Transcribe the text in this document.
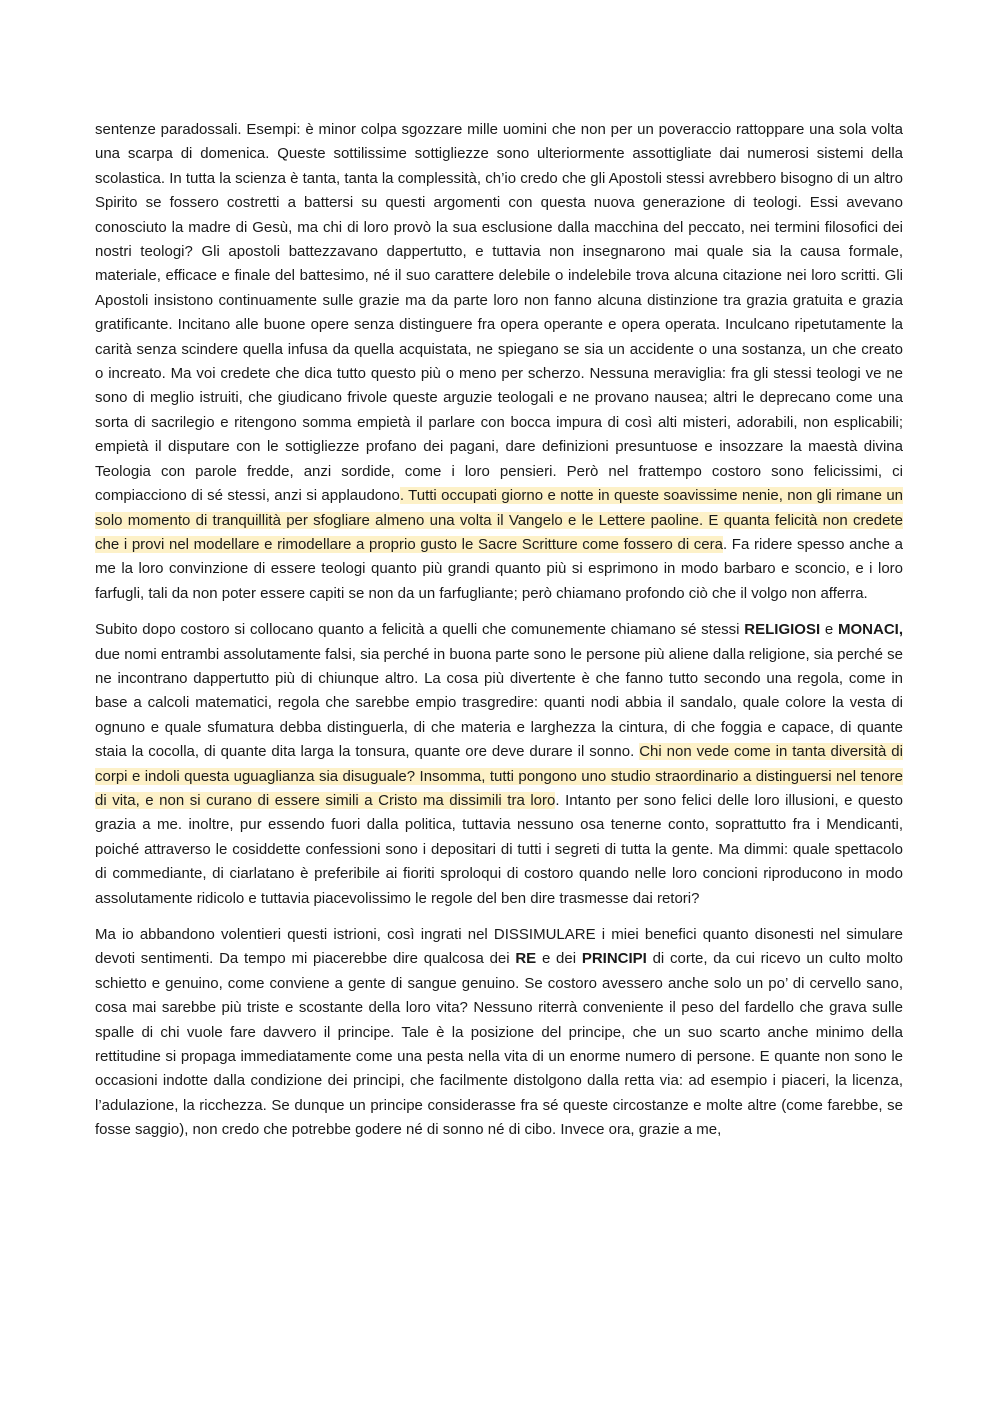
sentenze paradossali. Esempi: è minor colpa sgozzare mille uomini che non per un poveraccio rattoppare una sola volta una scarpa di domenica. Queste sottilissime sottigliezze sono ulteriormente assottigliate dai numerosi sistemi della scolastica. In tutta la scienza è tanta, tanta la complessità, ch’io credo che gli Apostoli stessi avrebbero bisogno di un altro Spirito se fossero costretti a battersi su questi argomenti con questa nuova generazione di teologi. Essi avevano conosciuto la madre di Gesù, ma chi di loro provò la sua esclusione dalla macchina del peccato, nei termini filosofici dei nostri teologi? Gli apostoli battezzavano dappertutto, e tuttavia non insegnarono mai quale sia la causa formale, materiale, efficace e finale del battesimo, né il suo carattere delebile o indelebile trova alcuna citazione nei loro scritti. Gli Apostoli insistono continuamente sulle grazie ma da parte loro non fanno alcuna distinzione tra grazia gratuita e grazia gratificante. Incitano alle buone opere senza distinguere fra opera operante e opera operata. Inculcano ripetutamente la carità senza scindere quella infusa da quella acquistata, ne spiegano se sia un accidente o una sostanza, un che creato o increato. Ma voi credete che dica tutto questo più o meno per scherzo. Nessuna meraviglia: fra gli stessi teologi ve ne sono di meglio istruiti, che giudicano frivole queste arguzie teologali e ne provano nausea; altri le deprecano come una sorta di sacrilegio e ritengono somma empietà il parlare con bocca impura di così alti misteri, adorabili, non esplicabili; empietà il disputare con le sottigliezze profano dei pagani, dare definizioni presuntuose e insozzare la maestà divina Teologia con parole fredde, anzi sordide, come i loro pensieri. Però nel frattempo costoro sono felicissimi, ci compiacciono di sé stessi, anzi si applaudono. Tutti occupati giorno e notte in queste soavissime nenie, non gli rimane un solo momento di tranquillità per sfogliare almeno una volta il Vangelo e le Lettere paoline. E quanta felicità non credete che i provi nel modellare e rimodellare a proprio gusto le Sacre Scritture come fossero di cera. Fa ridere spesso anche a me la loro convinzione di essere teologi quanto più grandi quanto più si esprimono in modo barbaro e sconcio, e i loro farfugli, tali da non poter essere capiti se non da un farfugliante; però chiamano profondo ciò che il volgo non afferra.

Subito dopo costoro si collocano quanto a felicità a quelli che comunemente chiamano sé stessi RELIGIOSI e MONACI, due nomi entrambi assolutamente falsi, sia perché in buona parte sono le persone più aliene dalla religione, sia perché se ne incontrano dappertutto più di chiunque altro. La cosa più divertente è che fanno tutto secondo una regola, come in base a calcoli matematici, regola che sarebbe empio trasgredire: quanti nodi abbia il sandalo, quale colore la vesta di ognuno e quale sfumatura debba distinguerla, di che materia e larghezza la cintura, di che foggia e capace, di quante staia la cocolla, di quante dita larga la tonsura, quante ore deve durare il sonno. Chi non vede come in tanta diversità di corpi e indoli questa uguaglianza sia disuguale? Insomma, tutti pongono uno studio straordinario a distinguersi nel tenore di vita, e non si curano di essere simili a Cristo ma dissimili tra loro. Intanto per sono felici delle loro illusioni, e questo grazia a me. inoltre, pur essendo fuori dalla politica, tuttavia nessuno osa tenerne conto, soprattutto fra i Mendicanti, poiché attraverso le cosiddette confessioni sono i depositari di tutti i segreti di tutta la gente. Ma dimmi: quale spettacolo di commediante, di ciarlatano è preferibile ai fioriti sproloqui di costoro quando nelle loro concioni riproducono in modo assolutamente ridicolo e tuttavia piacevolissimo le regole del ben dire trasmesse dai retori?

Ma io abbandono volentieri questi istrioni, così ingrati nel DISSIMULARE i miei benefici quanto disonesti nel simulare devoti sentimenti. Da tempo mi piacerebbe dire qualcosa dei RE e dei PRINCIPI di corte, da cui ricevo un culto molto schietto e genuino, come conviene a gente di sangue genuino. Se costoro avessero anche solo un po’ di cervello sano, cosa mai sarebbe più triste e scostante della loro vita? Nessuno riterrà conveniente il peso del fardello che grava sulle spalle di chi vuole fare davvero il principe. Tale è la posizione del principe, che un suo scarto anche minimo della rettitudine si propaga immediatamente come una pesta nella vita di un enorme numero di persone. E quante non sono le occasioni indotte dalla condizione dei principi, che facilmente distolgono dalla retta via: ad esempio i piaceri, la licenza, l’adulazione, la ricchezza. Se dunque un principe considerasse fra sé queste circostanze e molte altre (come farebbe, se fosse saggio), non credo che potrebbe godere né di sonno né di cibo. Invece ora, grazie a me,
